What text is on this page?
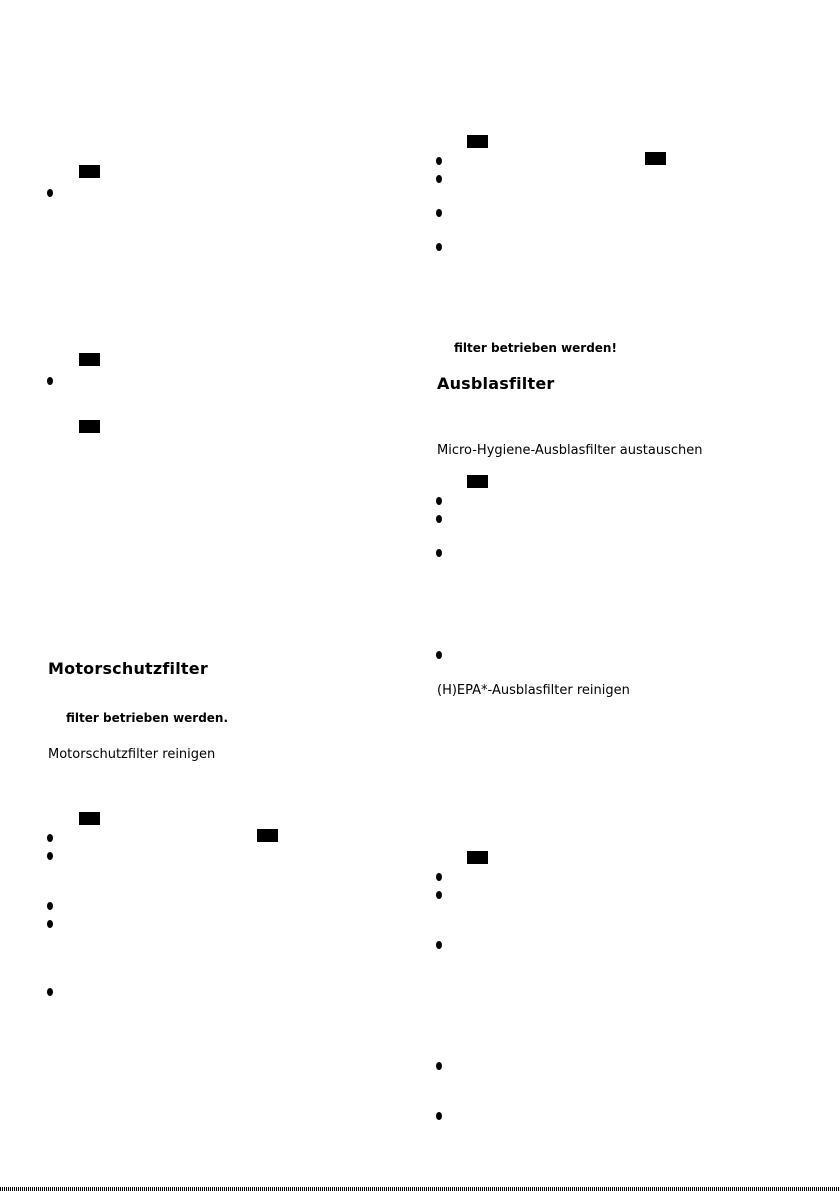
Motorschutzfilter
filter betrieben werden.
Motorschutzfilter reinigen
filter betrieben werden!
Ausblasfilter
Micro-Hygiene-Ausblasfilter austauschen
(H)EPA*-Ausblasfilter reinigen
